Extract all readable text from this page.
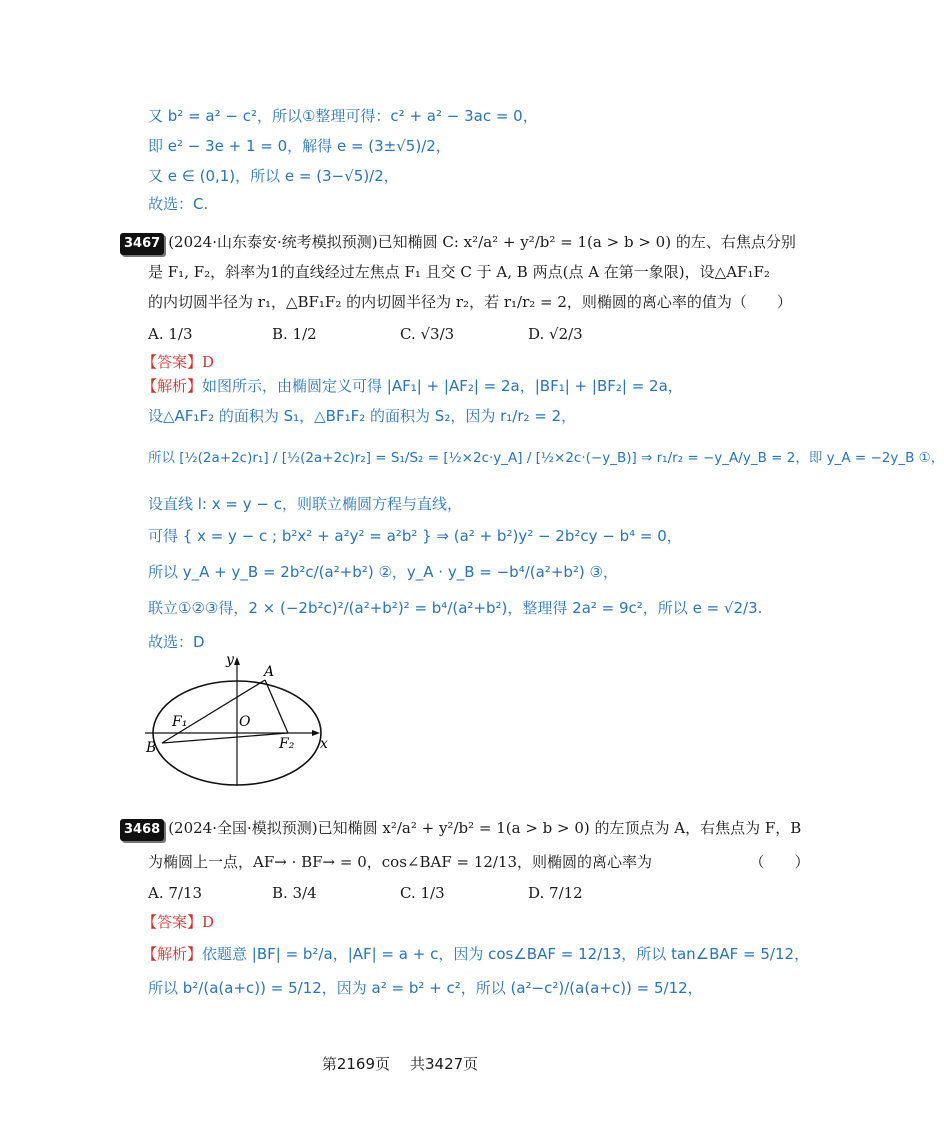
又 b² = a² − c²，所以①整理可得：c² + a² − 3ac = 0，
即 e² − 3e + 1 = 0，解得 e = (3±√5)/2，
又 e ∈ (0,1)，所以 e = (3−√5)/2，
故选：C.
3467 (2024·山东泰安·统考模拟预测)已知椭圆 C: x²/a² + y²/b² = 1(a > b > 0) 的左、右焦点分别
是 F₁, F₂，斜率为1的直线经过左焦点 F₁ 且交 C 于 A, B 两点(点 A 在第一象限)，设△AF₁F₂
的内切圆半径为 r₁，△BF₁F₂ 的内切圆半径为 r₂，若 r₁/r₂ = 2，则椭圆的离心率的值为（　　）
A. 1/3	B. 1/2	C. √3/3	D. √2/3
【答案】D
【解析】如图所示，由椭圆定义可得 |AF₁| + |AF₂| = 2a，|BF₁| + |BF₂| = 2a，
设△AF₁F₂ 的面积为 S₁，△BF₁F₂ 的面积为 S₂，因为 r₁/r₂ = 2，
所以 [½(2a+2c)r₁] / [½(2a+2c)r₂] = S₁/S₂ = [½×2c·y_A] / [½×2c·(−y_B)] ⇒ r₁/r₂ = −y_A/y_B = 2，即 y_A = −2y_B ①，
设直线 l: x = y − c，则联立椭圆方程与直线，
可得 { x = y − c ; b²x² + a²y² = a²b² } ⇒ (a² + b²)y² − 2b²cy − b⁴ = 0，
所以 y_A + y_B = 2b²c/(a²+b²) ②，y_A · y_B = −b⁴/(a²+b²) ③，
联立①②③得，2 × (−2b²c)²/(a²+b²)² = b⁴/(a²+b²)，整理得 2a² = 9c²，所以 e = √2/3.
故选：D
y
A
F₁	O
B	F₂ x
3468 (2024·全国·模拟预测)已知椭圆 x²/a² + y²/b² = 1(a > b > 0) 的左顶点为 A，右焦点为 F，B
为椭圆上一点，AF→ · BF→ = 0，cos∠BAF = 12/13，则椭圆的离心率为　　　　　　　（　　）
A. 7/13	B. 3/4	C. 1/3	D. 7/12
【答案】D
【解析】依题意 |BF| = b²/a，|AF| = a + c，因为 cos∠BAF = 12/13，所以 tan∠BAF = 5/12，
所以 b²/(a(a+c)) = 5/12，因为 a² = b² + c²，所以 (a²−c²)/(a(a+c)) = 5/12，
第2169页 共3427页
